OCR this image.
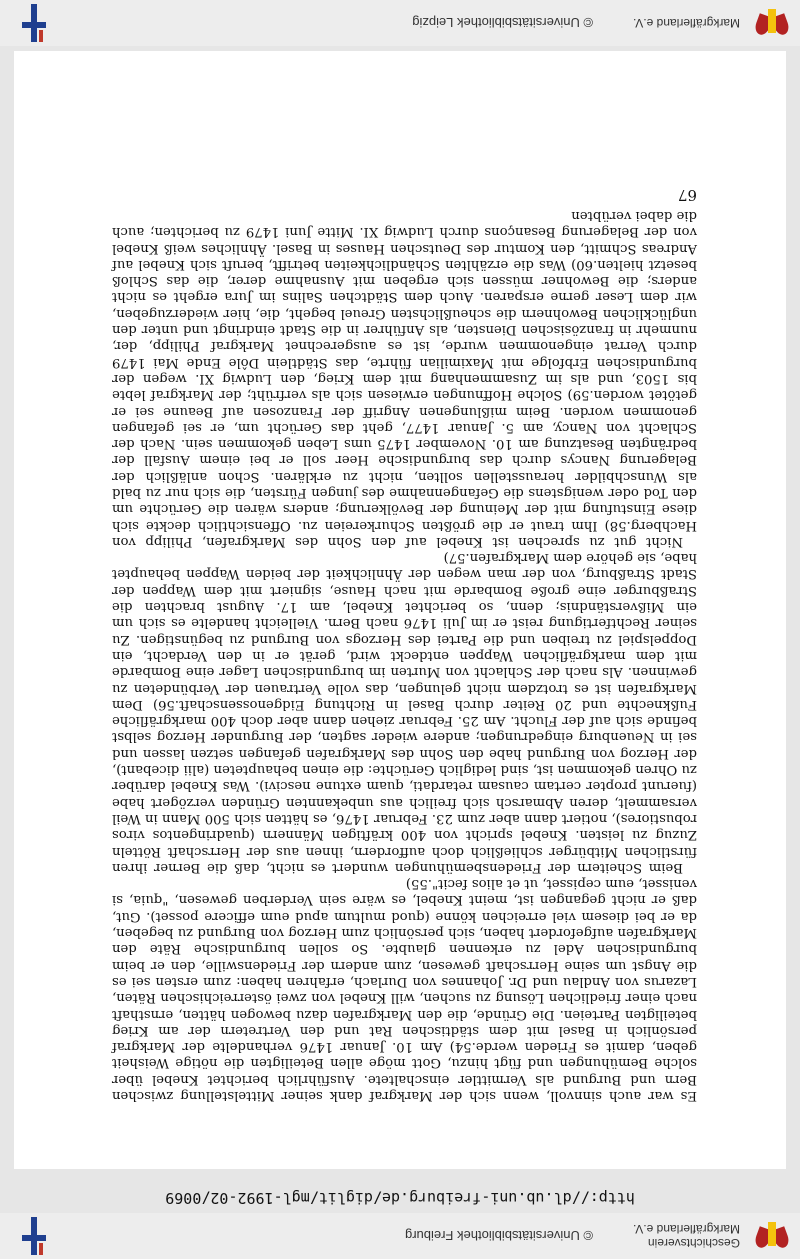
Geschichtsverein
Markgräflerland e.V.
© Universitätsbibliothek Freiburg
http://dl.ub.uni-freiburg.de/diglit/mgl-1992-02/0069

Es war auch sinnvoll, wenn sich der Markgraf dank seiner Mittelstellung zwischen Bern und Burgund als Vermittler einschaltete. Ausführlich berichtet Knebel über solche Bemühungen und fügt hinzu, Gott möge allen Beteiligten die nötige Weisheit geben, damit es Frieden werde.54) Am 10. Januar 1476 verhandelte der Markgraf persönlich in Basel mit dem städtischen Rat und den Vertretern der am Krieg beteiligten Parteien. Die Gründe, die den Markgrafen dazu bewogen hätten, ernsthaft nach einer friedlichen Lösung zu suchen, will Knebel von zwei österreichischen Räten, Lazarus von Andlau und Dr. Johannes von Durlach, erfahren haben: zum ersten sei es die Angst um seine Herrschaft gewesen, zum andern der Friedenswille, den er beim burgundischen Adel zu erkennen glaubte. So sollen burgundische Räte den Markgrafen aufgefordert haben, sich persönlich zum Herzog von Burgund zu begeben, da er bei diesem viel erreichen könne (quod multum apud eum efficere posset). Gut, daß er nicht gegangen ist, meint Knebel, es wäre sein Verderben gewesen, "quia, si venisset, eum cepisset, ut et alios fecit".55)

Beim Scheitern der Friedensbemühungen wundert es nicht, daß die Berner ihren fürstlichen Mitbürger schließlich doch auffordern, ihnen aus der Herrschaft Rötteln Zuzug zu leisten. Knebel spricht von 400 kräftigen Männern (quadringentos viros robustiores), notiert dann aber zum 23. Februar 1476, es hätten sich 500 Mann in Weil versammelt, deren Abmarsch sich freilich aus unbekannten Gründen verzögert habe (fuerunt propter certam causam retardati, quam extune nescivi). Was Knebel darüber zu Ohren gekommen ist, sind lediglich Gerüchte: die einen behaupteten (alii dicebant), der Herzog von Burgund habe den Sohn des Markgrafen gefangen setzen lassen und sei in Neuenburg eingedrungen; andere wieder sagten, der Burgunder Herzog selbst befinde sich auf der Flucht. Am 25. Februar ziehen dann aber doch 400 markgräfliche Fußknechte und 20 Reiter durch Basel in Richtung Eidgenossenschaft.56) Dem Markgrafen ist es trotzdem nicht gelungen, das volle Vertrauen der Verbündeten zu gewinnen. Als nach der Schlacht von Murten im burgundischen Lager eine Bombarde mit dem markgräflichen Wappen entdeckt wird, gerät er in den Verdacht, ein Doppelspiel zu treiben und die Partei des Herzogs von Burgund zu begünstigen. Zu seiner Rechtfertigung reist er im Juli 1476 nach Bern. Vielleicht handelte es sich um ein Mißverständnis; denn, so berichtet Knebel, am 17. August brachten die Straßburger eine große Bombarde mit nach Hause, signiert mit dem Wappen der Stadt Straßburg, von der man wegen der Ähnlichkeit der beiden Wappen behauptet habe, sie gehöre dem Markgrafen.57)

Nicht gut zu sprechen ist Knebel auf den Sohn des Markgrafen, Philipp von Hachberg.58) Ihm traut er die größten Schurkereien zu. Offensichtlich deckte sich diese Einstufung mit der Meinung der Bevölkerung; anders wären die Gerüchte um den Tod oder wenigstens die Gefangennahme des jungen Fürsten, die sich nur zu bald als Wunschbilder herausstellen sollten, nicht zu erklären. Schon anläßlich der Belagerung Nancys durch das burgundische Heer soll er bei einem Ausfall der bedrängten Besatzung am 10. November 1475 ums Leben gekommen sein. Nach der Schlacht von Nancy, am 5. Januar 1477, geht das Gerücht um, er sei gefangen genommen worden. Beim mißlungenen Angriff der Franzosen auf Beaune sei er getötet worden.59) Solche Hoffnungen erwiesen sich als verfrüht; der Markgraf lebte bis 1503, und als im Zusammenhang mit dem Krieg, den Ludwig XI. wegen der burgundischen Erbfolge mit Maximilian führte, das Städtlein Dôle Ende Mai 1479 durch Verrat eingenommen wurde, ist es ausgerechnet Markgraf Philipp, der, nunmehr in französischen Diensten, als Anführer in die Stadt eindringt und unter den unglücklichen Bewohnern die scheußlichsten Greuel begeht, die, hier wiederzugeben, wir dem Leser gerne ersparen. Auch dem Städtchen Salins im Jura ergeht es nicht anders; die Bewohner müssen sich ergeben mit Ausnahme derer, die das Schloß besetzt hielten.60) Was die erzählten Schändlichkeiten betrifft, beruft sich Knebel auf Andreas Schmitt, den Komtur des Deutschen Hauses in Basel. Ähnliches weiß Knebel von der Belagerung Besançons durch Ludwig XI. Mitte Juni 1479 zu berichten; auch die dabei verübten

67
Markgräflerland e.V.
© Universitätsbibliothek Leipzig
